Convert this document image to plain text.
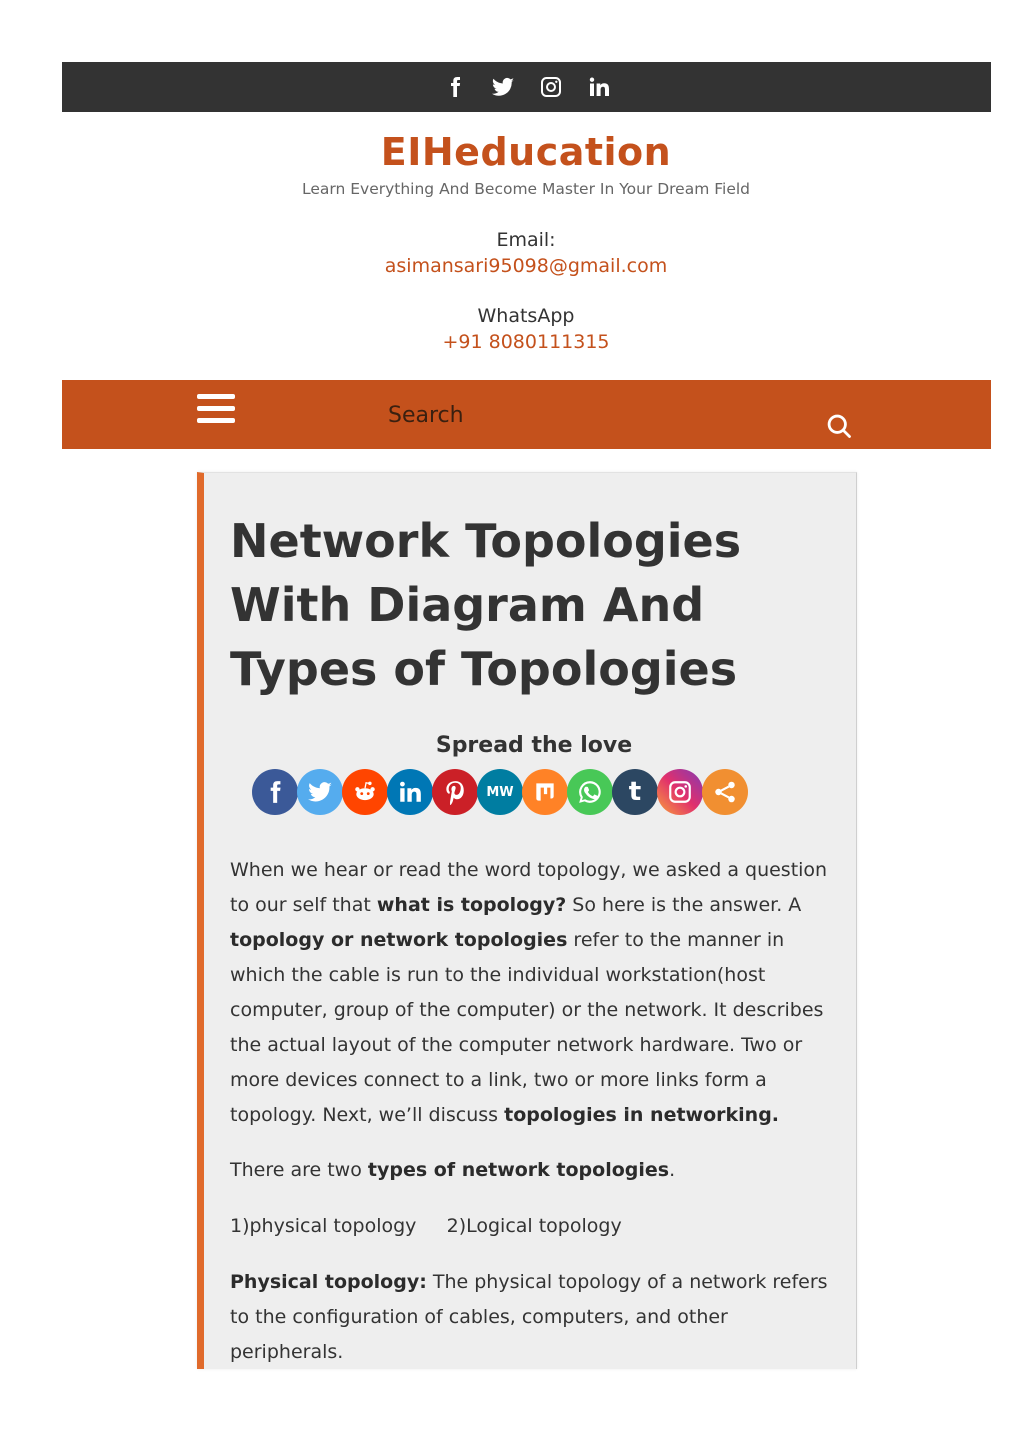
EIHeducation
Learn Everything And Become Master In Your Dream Field
Email:
asimansari95098@gmail.com
WhatsApp
+91 8080111315
Search
Network Topologies With Diagram And Types of Topologies
Spread the love
MW	t

When we hear or read the word topology, we asked a question to our self that what is topology? So here is the answer. A topology or network topologies refer to the manner in which the cable is run to the individual workstation(host computer, group of the computer) or the network. It describes the actual layout of the computer network hardware. Two or more devices connect to a link, two or more links form a topology. Next, we’ll discuss topologies in networking.

There are two types of network topologies.

1)physical topology 2)Logical topology

Physical topology: The physical topology of a network refers to the configuration of cables, computers, and other peripherals.
